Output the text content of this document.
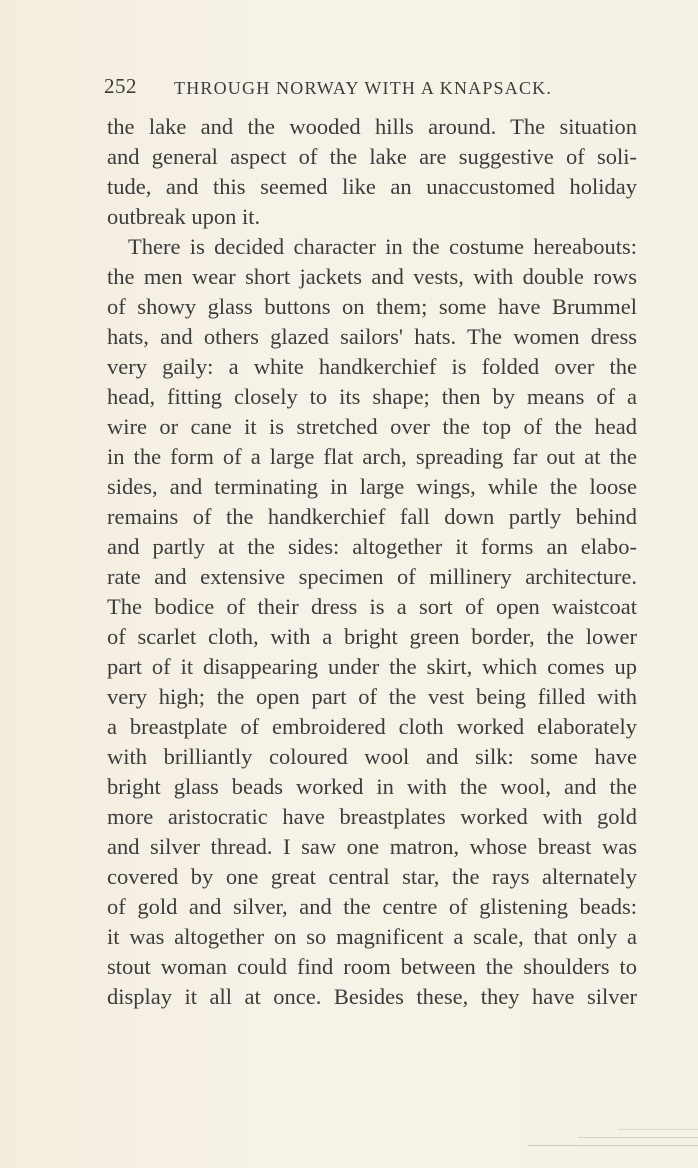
252 THROUGH NORWAY WITH A KNAPSACK.
the lake and the wooded hills around. The situation
and general aspect of the lake are suggestive of soli-
tude, and this seemed like an unaccustomed holiday
outbreak upon it.
There is decided character in the costume hereabouts:
the men wear short jackets and vests, with double rows
of showy glass buttons on them; some have Brummel
hats, and others glazed sailors' hats. The women dress
very gaily: a white handkerchief is folded over the
head, fitting closely to its shape; then by means of a
wire or cane it is stretched over the top of the head
in the form of a large flat arch, spreading far out at the
sides, and terminating in large wings, while the loose
remains of the handkerchief fall down partly behind
and partly at the sides: altogether it forms an elabo-
rate and extensive specimen of millinery architecture.
The bodice of their dress is a sort of open waistcoat
of scarlet cloth, with a bright green border, the lower
part of it disappearing under the skirt, which comes up
very high; the open part of the vest being filled with
a breastplate of embroidered cloth worked elaborately
with brilliantly coloured wool and silk: some have
bright glass beads worked in with the wool, and the
more aristocratic have breastplates worked with gold
and silver thread. I saw one matron, whose breast was
covered by one great central star, the rays alternately
of gold and silver, and the centre of glistening beads:
it was altogether on so magnificent a scale, that only a
stout woman could find room between the shoulders to
display it all at once. Besides these, they have silver
